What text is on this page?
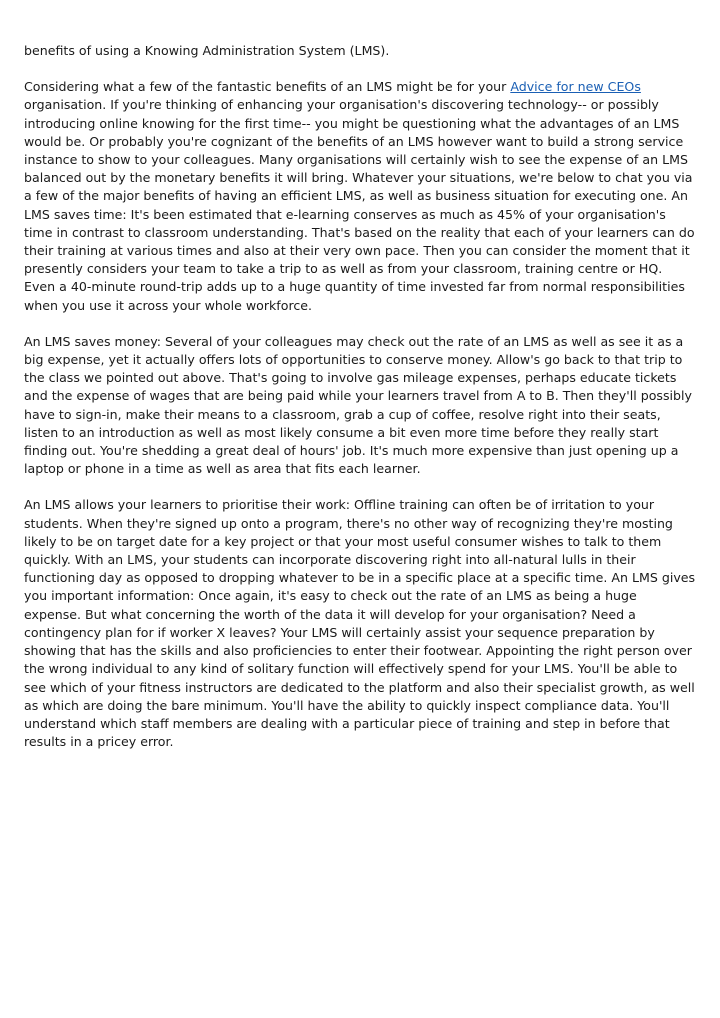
benefits of using a Knowing Administration System (LMS).

Considering what a few of the fantastic benefits of an LMS might be for your Advice for new CEOs organisation. If you're thinking of enhancing your organisation's discovering technology-- or possibly introducing online knowing for the first time-- you might be questioning what the advantages of an LMS would be. Or probably you're cognizant of the benefits of an LMS however want to build a strong service instance to show to your colleagues. Many organisations will certainly wish to see the expense of an LMS balanced out by the monetary benefits it will bring. Whatever your situations, we're below to chat you via a few of the major benefits of having an efficient LMS, as well as business situation for executing one. An LMS saves time: It's been estimated that e-learning conserves as much as 45% of your organisation's time in contrast to classroom understanding. That's based on the reality that each of your learners can do their training at various times and also at their very own pace. Then you can consider the moment that it presently considers your team to take a trip to as well as from your classroom, training centre or HQ. Even a 40-minute round-trip adds up to a huge quantity of time invested far from normal responsibilities when you use it across your whole workforce.

An LMS saves money: Several of your colleagues may check out the rate of an LMS as well as see it as a big expense, yet it actually offers lots of opportunities to conserve money. Allow's go back to that trip to the class we pointed out above. That's going to involve gas mileage expenses, perhaps educate tickets and the expense of wages that are being paid while your learners travel from A to B. Then they'll possibly have to sign-in, make their means to a classroom, grab a cup of coffee, resolve right into their seats, listen to an introduction as well as most likely consume a bit even more time before they really start finding out. You're shedding a great deal of hours' job. It's much more expensive than just opening up a laptop or phone in a time as well as area that fits each learner.

An LMS allows your learners to prioritise their work: Offline training can often be of irritation to your students. When they're signed up onto a program, there's no other way of recognizing they're mosting likely to be on target date for a key project or that your most useful consumer wishes to talk to them quickly. With an LMS, your students can incorporate discovering right into all-natural lulls in their functioning day as opposed to dropping whatever to be in a specific place at a specific time. An LMS gives you important information: Once again, it's easy to check out the rate of an LMS as being a huge expense. But what concerning the worth of the data it will develop for your organisation? Need a contingency plan for if worker X leaves? Your LMS will certainly assist your sequence preparation by showing that has the skills and also proficiencies to enter their footwear. Appointing the right person over the wrong individual to any kind of solitary function will effectively spend for your LMS. You'll be able to see which of your fitness instructors are dedicated to the platform and also their specialist growth, as well as which are doing the bare minimum. You'll have the ability to quickly inspect compliance data. You'll understand which staff members are dealing with a particular piece of training and step in before that results in a pricey error.
